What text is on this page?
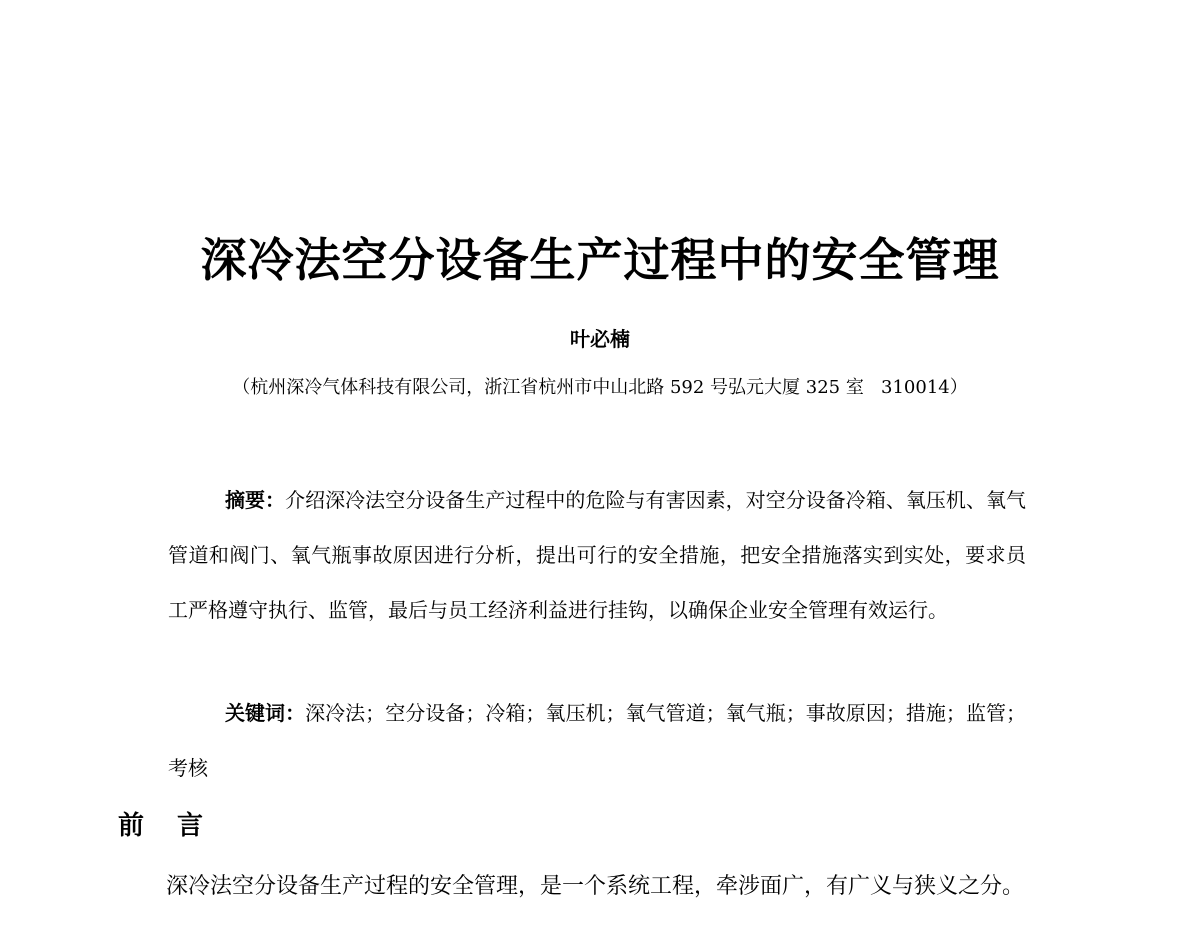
深冷法空分设备生产过程中的安全管理
叶必楠
（杭州深冷气体科技有限公司，浙江省杭州市中山北路 592 号弘元大厦 325 室   310014）
摘要：介绍深冷法空分设备生产过程中的危险与有害因素，对空分设备冷箱、氧压机、氧气管道和阀门、氧气瓶事故原因进行分析，提出可行的安全措施，把安全措施落实到实处，要求员工严格遵守执行、监管，最后与员工经济利益进行挂钩，以确保企业安全管理有效运行。
关键词：深冷法；空分设备；冷箱；氧压机；氧气管道；氧气瓶；事故原因；措施；监管；考核
前 言
深冷法空分设备生产过程的安全管理，是一个系统工程，牵涉面广，有广义与狭义之分。
